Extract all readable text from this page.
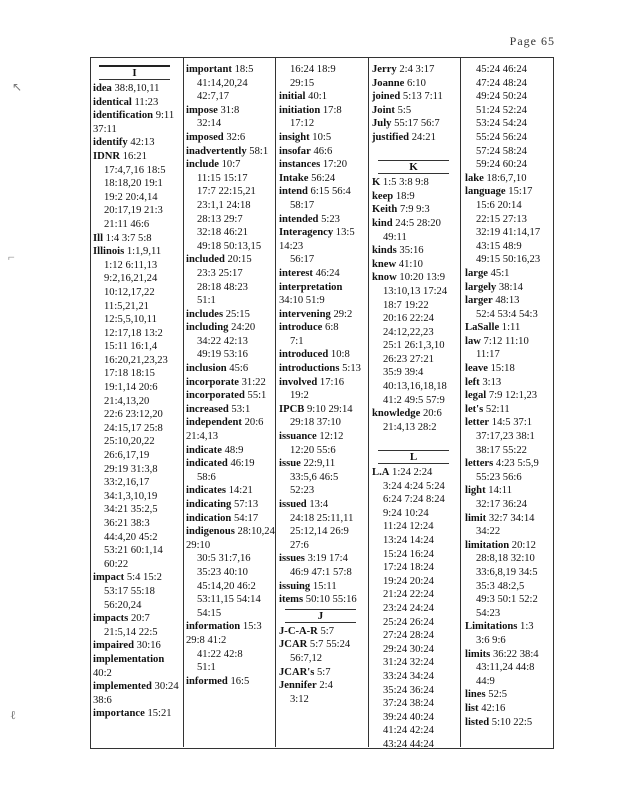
Page 65
↖
⌐
ℓ
I
idea 38:8,10,11
identical 11:23
identification 9:11 37:11
identify 42:13
IDNR 16:21
17:4,7,16 18:5
18:18,20 19:1
19:2 20:4,14
20:17,19 21:3
21:11 46:6
Ill 1:4 3:7 5:8
Illinois 1:1,9,11
1:12 6:11,13
9:2,16,21,24
10:12,17,22
11:5,21,21
12:5,5,10,11
12:17,18 13:2
15:11 16:1,4
16:20,21,23,23
17:18 18:15
19:1,14 20:6
21:4,13,20
22:6 23:12,20
24:15,17 25:8
25:10,20,22
26:6,17,19
29:19 31:3,8
33:2,16,17
34:1,3,10,19
34:21 35:2,5
36:21 38:3
44:4,20 45:2
53:21 60:1,14
60:22
impact 5:4 15:2
53:17 55:18
56:20,24
impacts 20:7
21:5,14 22:5
impaired 30:16
implementation 40:2
implemented 30:24 38:6
importance 15:21
important 18:5
41:14,20,24
42:7,17
impose 31:8
32:14
imposed 32:6
inadvertently 58:1
include 10:7
11:15 15:17
17:7 22:15,21
23:1,1 24:18
28:13 29:7
32:18 46:21
49:18 50:13,15
included 20:15
23:3 25:17
28:18 48:23
51:1
includes 25:15
including 24:20
34:22 42:13
49:19 53:16
inclusion 45:6
incorporate 31:22
incorporated 55:1
increased 53:1
independent 20:6 21:4,13
indicate 48:9
indicated 46:19
58:6
indicates 14:21
indicating 57:13
indication 54:17
indigenous 28:10,24 29:10
30:5 31:7,16
35:23 40:10
45:14,20 46:2
53:11,15 54:14
54:15
information 15:3 29:8 41:2
41:22 42:8
51:1
informed 16:5
16:24 18:9
29:15
initial 40:1
initiation 17:8
17:12
insight 10:5
insofar 46:6
instances 17:20
Intake 56:24
intend 6:15 56:4
58:17
intended 5:23
Interagency 13:5 14:23
56:17
interest 46:24
interpretation 34:10 51:9
intervening 29:2
introduce 6:8
7:1
introduced 10:8
introductions 5:13
involved 17:16
19:2
IPCB 9:10 29:14
29:18 37:10
issuance 12:12
12:20 55:6
issue 22:9,11
33:5,6 46:5
52:23
issued 13:4
24:18 25:11,11
25:12,14 26:9
27:6
issues 3:19 17:4
46:9 47:1 57:8
issuing 15:11
items 50:10 55:16
J
J-C-A-R 5:7
JCAR 5:7 55:24
56:7,12
JCAR's 5:7
Jennifer 2:4
3:12
Jerry 2:4 3:17
Joanne 6:10
joined 5:13 7:11
Joint 5:5
July 55:17 56:7
justified 24:21
K
K 1:5 3:8 9:8
keep 18:9
Keith 7:9 9:3
kind 24:5 28:20
49:11
kinds 35:16
knew 41:10
know 10:20 13:9
13:10,13 17:24
18:7 19:22
20:16 22:24
24:12,22,23
25:1 26:1,3,10
26:23 27:21
35:9 39:4
40:13,16,18,18
41:2 49:5 57:9
knowledge 20:6
21:4,13 28:2
L
L.A 1:24 2:24
3:24 4:24 5:24
6:24 7:24 8:24
9:24 10:24
11:24 12:24
13:24 14:24
15:24 16:24
17:24 18:24
19:24 20:24
21:24 22:24
23:24 24:24
25:24 26:24
27:24 28:24
29:24 30:24
31:24 32:24
33:24 34:24
35:24 36:24
37:24 38:24
39:24 40:24
41:24 42:24
43:24 44:24
45:24 46:24
47:24 48:24
49:24 50:24
51:24 52:24
53:24 54:24
55:24 56:24
57:24 58:24
59:24 60:24
lake 18:6,7,10
language 15:17
15:6 20:14
22:15 27:13
32:19 41:14,17
43:15 48:9
49:15 50:16,23
large 45:1
largely 38:14
larger 48:13
52:4 53:4 54:3
LaSalle 1:11
law 7:12 11:10
11:17
leave 15:18
left 3:13
legal 7:9 12:1,23
let's 52:11
letter 14:5 37:1
37:17,23 38:1
38:17 55:22
letters 4:23 5:5,9
55:23 56:6
light 14:11
32:17 36:24
limit 32:7 34:14
34:22
limitation 20:12
28:8,18 32:10
33:6,8,19 34:5
35:3 48:2,5
49:3 50:1 52:2
54:23
Limitations 1:3
3:6 9:6
limits 36:22 38:4
43:11,24 44:8
44:9
lines 52:5
list 42:16
listed 5:10 22:5
